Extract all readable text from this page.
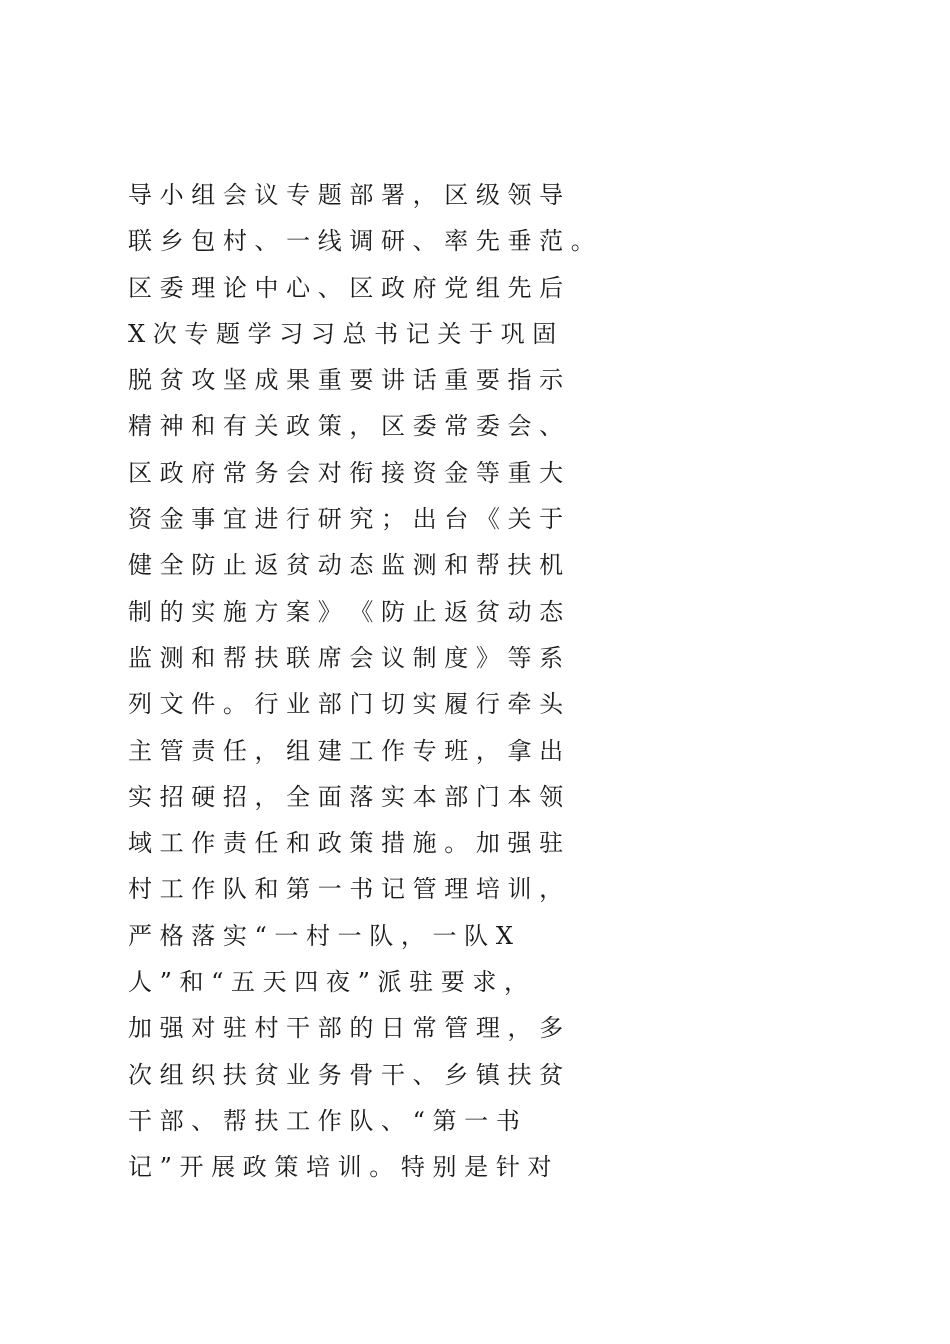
导 小 组 会 议 专 题 部 署 ， 区 级 领 导
联 乡 包 村 、 一 线 调 研 、 率 先 垂 范 。
区 委 理 论 中 心 、 区 政 府 党 组 先 后
X 次 专 题 学 习 习 总 书 记 关 于 巩 固
脱 贫 攻 坚 成 果 重 要 讲 话 重 要 指 示
精 神 和 有 关 政 策 ， 区 委 常 委 会 、
区 政 府 常 务 会 对 衔 接 资 金 等 重 大
资 金 事 宜 进 行 研 究 ； 出 台 《 关 于
健 全 防 止 返 贫 动 态 监 测 和 帮 扶 机
制 的 实 施 方 案 》 《 防 止 返 贫 动 态
监 测 和 帮 扶 联 席 会 议 制 度 》 等 系
列 文 件 。 行 业 部 门 切 实 履 行 牵 头
主 管 责 任 ， 组 建 工 作 专 班 ， 拿 出
实 招 硬 招 ， 全 面 落 实 本 部 门 本 领
域 工 作 责 任 和 政 策 措 施 。 加 强 驻
村 工 作 队 和 第 一 书 记 管 理 培 训 ，
严 格 落 实 “ 一 村 一 队 ， 一 队 X
人 ” 和 “ 五 天 四 夜 ” 派 驻 要 求 ，
加 强 对 驻 村 干 部 的 日 常 管 理 ， 多
次 组 织 扶 贫 业 务 骨 干 、 乡 镇 扶 贫
干 部 、 帮 扶 工 作 队 、 “ 第 一 书
记 ” 开 展 政 策 培 训 。 特 别 是 针 对
